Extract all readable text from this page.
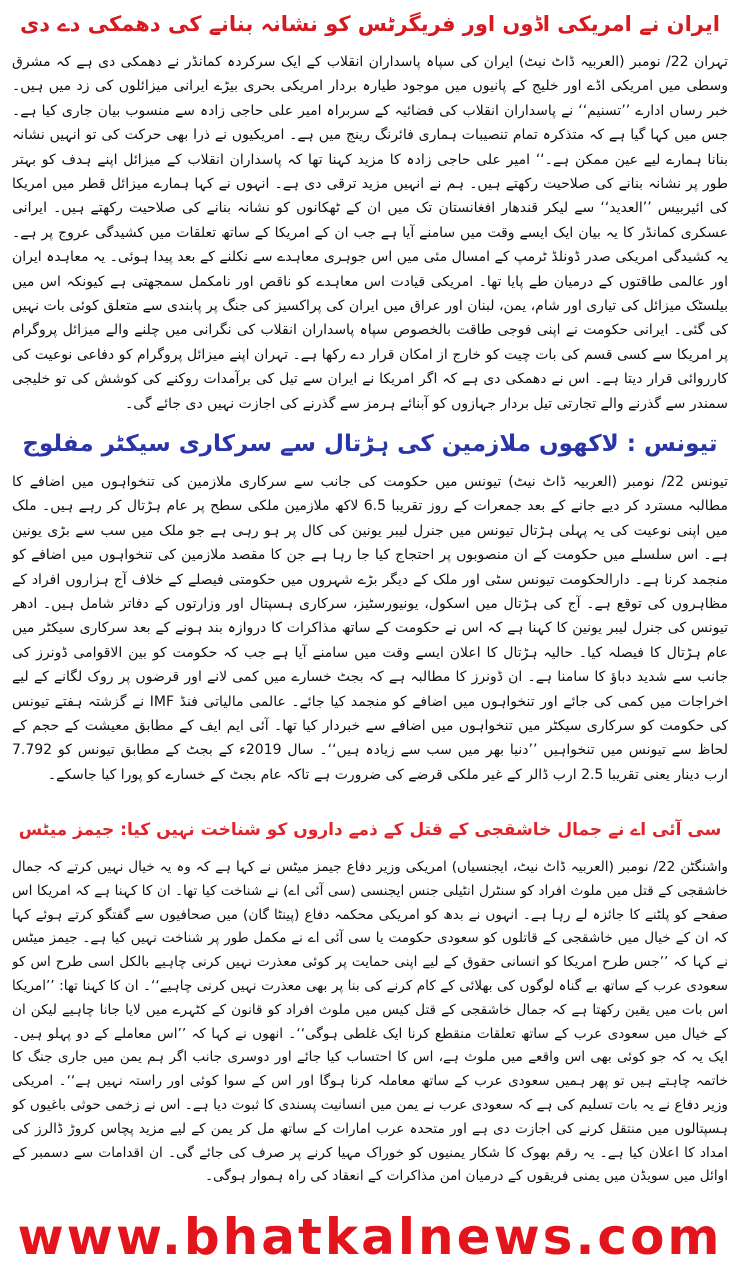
ایران نے امریکی اڈوں اور فریگرٹس کو نشانہ بنانے کی دھمکی دے دی

تہران 22/ نومبر (العربیہ ڈاٹ نیٹ) ایران کی سپاہ پاسداران انقلاب کے ایک سرکردہ کمانڈر نے دھمکی دی ہے کہ مشرق وسطی میں امریکی اڈے اور خلیج کے پانیوں میں موجود طیارہ بردار امریکی بحری بیڑے ایرانی میزائلوں کی زد میں ہیں۔ خبر رساں ادارے ’’تسنیم‘‘ نے پاسداران انقلاب کی فضائیہ کے سربراہ امیر علی حاجی زادہ سے منسوب بیان جاری کیا ہے۔ جس میں کہا گیا ہے کہ متذکرہ تمام تنصیبات ہماری فائرنگ رینج میں ہے۔ امریکیوں نے ذرا بھی حرکت کی تو انہیں نشانہ بنانا ہمارے لیے عین ممکن ہے۔‘‘ امیر علی حاجی زادہ کا مزید کہنا تھا کہ پاسداران انقلاب کے میزائل اپنے ہدف کو بہتر طور پر نشانہ بنانے کی صلاحیت رکھتے ہیں۔ ہم نے انہیں مزید ترقی دی ہے۔ انہوں نے کہا ہمارے میزائل قطر میں امریکا کی ائیربیس ’’العدید‘‘ سے لیکر قندھار افغانستان تک میں ان کے ٹھکانوں کو نشانہ بنانے کی صلاحیت رکھتے ہیں۔ ایرانی عسکری کمانڈر کا یہ بیان ایک ایسے وقت میں سامنے آیا ہے جب ان کے امریکا کے ساتھ تعلقات میں کشیدگی عروج پر ہے۔ یہ کشیدگی امریکی صدر ڈونلڈ ٹرمپ کے امسال مئی میں اس جوہری معاہدے سے نکلنے کے بعد پیدا ہوئی۔ یہ معاہدہ ایران اور عالمی طاقتوں کے درمیان طے پایا تھا۔ امریکی قیادت اس معاہدے کو ناقص اور نامکمل سمجھتی ہے کیونکہ اس میں بیلسٹک میزائل کی تیاری اور شام، یمن، لبنان اور عراق میں ایران کی پراکسیز کی جنگ پر پابندی سے متعلق کوئی بات نہیں کی گئی۔ ایرانی حکومت نے اپنی فوجی طاقت بالخصوص سپاہ پاسداران انقلاب کی نگرانی میں چلنے والے میزائل پروگرام پر امریکا سے کسی قسم کی بات چیت کو خارج از امکان قرار دے رکھا ہے۔ تہران اپنے میزائل پروگرام کو دفاعی نوعیت کی کارروائی قرار دیتا ہے۔ اس نے دھمکی دی ہے کہ اگر امریکا نے ایران سے تیل کی برآمدات روکنے کی کوشش کی تو خلیجی سمندر سے گذرنے والے تجارتی تیل بردار جہازوں کو آبنائے ہرمز سے گذرنے کی اجازت نہیں دی جائے گی۔

تیونس : لاکھوں ملازمین کی ہڑتال سے سرکاری سیکٹر مفلوج

تیونس 22/ نومبر (العربیہ ڈاٹ نیٹ) تیونس میں حکومت کی جانب سے سرکاری ملازمین کی تنخواہوں میں اضافے کا مطالبہ مسترد کر دیے جانے کے بعد جمعرات کے روز تقریبا 6.5 لاکھ ملازمین ملکی سطح پر عام ہڑتال کر رہے ہیں۔ ملک میں اپنی نوعیت کی یہ پہلی ہڑتال تیونس میں جنرل لیبر یونین کی کال پر ہو رہی ہے جو ملک میں سب سے بڑی یونین ہے۔ اس سلسلے میں حکومت کے ان منصوبوں پر احتجاج کیا جا رہا ہے جن کا مقصد ملازمین کی تنخواہوں میں اضافے کو منجمد کرنا ہے۔ دارالحکومت تیونس سٹی اور ملک کے دیگر بڑے شہروں میں حکومتی فیصلے کے خلاف آج ہزاروں افراد کے مظاہروں کی توقع ہے۔ آج کی ہڑتال میں اسکول، یونیورسٹیز، سرکاری ہسپتال اور وزارتوں کے دفاتر شامل ہیں۔ ادھر تیونس کی جنرل لیبر یونین کا کہنا ہے کہ اس نے حکومت کے ساتھ مذاکرات کا دروازہ بند ہونے کے بعد سرکاری سیکٹر میں عام ہڑتال کا فیصلہ کیا۔ حالیہ ہڑتال کا اعلان ایسے وقت میں سامنے آیا ہے جب کہ حکومت کو بین الاقوامی ڈونرز کی جانب سے شدید دباؤ کا سامنا ہے۔ ان ڈونرز کا مطالبہ ہے کہ بجٹ خسارے میں کمی لانے اور قرضوں پر روک لگانے کے لیے اخراجات میں کمی کی جائے اور تنخواہوں میں اضافے کو منجمد کیا جائے۔ عالمی مالیاتی فنڈ IMF نے گزشتہ ہفتے تیونس کی حکومت کو سرکاری سیکٹر میں تنخواہوں میں اضافے سے خبردار کیا تھا۔ آئی ایم ایف کے مطابق معیشت کے حجم کے لحاظ سے تیونس میں تنخواہیں ’’دنیا بھر میں سب سے زیادہ ہیں‘‘۔ سال 2019ء کے بجٹ کے مطابق تیونس کو 7.792 ارب دینار یعنی تقریبا 2.5 ارب ڈالر کے غیر ملکی قرضے کی ضرورت ہے تاکہ عام بجٹ کے خسارے کو پورا کیا جاسکے۔

سی آئی اے نے جمال خاشقجی کے قتل کے ذمے داروں کو شناخت نہیں کیا: جیمز میٹس

واشنگٹن 22/ نومبر (العربیہ ڈاٹ نیٹ، ایجنسیاں) امریکی وزیر دفاع جیمز میٹس نے کہا ہے کہ وہ یہ خیال نہیں کرتے کہ جمال خاشقجی کے قتل میں ملوث افراد کو سنٹرل انٹیلی جنس ایجنسی (سی آئی اے) نے شناخت کیا تھا۔ ان کا کہنا ہے کہ امریکا اس صفحے کو پلٹنے کا جائزہ لے رہا ہے۔ انہوں نے بدھ کو امریکی محکمہ دفاع (پینٹا گان) میں صحافیوں سے گفتگو کرتے ہوئے کہا کہ ان کے خیال میں خاشقجی کے قاتلوں کو سعودی حکومت یا سی آئی اے نے مکمل طور پر شناخت نہیں کیا ہے۔ جیمز میٹس نے کہا کہ ’’جس طرح امریکا کو انسانی حقوق کے لیے اپنی حمایت پر کوئی معذرت نہیں کرنی چاہیے بالکل اسی طرح اس کو سعودی عرب کے ساتھ بے گناہ لوگوں کی بھلائی کے کام کرنے کی بنا پر بھی معذرت نہیں کرنی چاہیے‘‘۔ ان کا کہنا تھا: ’’امریکا اس بات میں یقین رکھتا ہے کہ جمال خاشقجی کے قتل کیس میں ملوث افراد کو قانون کے کٹہرے میں لایا جانا چاہیے لیکن ان کے خیال میں سعودی عرب کے ساتھ تعلقات منقطع کرنا ایک غلطی ہوگی‘‘۔ انھوں نے کہا کہ ’’اس معاملے کے دو پہلو ہیں۔ ایک یہ کہ جو کوئی بھی اس واقعے میں ملوث ہے، اس کا احتساب کیا جائے اور دوسری جانب اگر ہم یمن میں جاری جنگ کا خاتمہ چاہتے ہیں تو پھر ہمیں سعودی عرب کے ساتھ معاملہ کرنا ہوگا اور اس کے سوا کوئی اور راستہ نہیں ہے‘‘۔ امریکی وزیر دفاع نے یہ بات تسلیم کی ہے کہ سعودی عرب نے یمن میں انسانیت پسندی کا ثبوت دیا ہے۔ اس نے زخمی حوثی باغیوں کو ہسپتالوں میں منتقل کرنے کی اجازت دی ہے اور متحدہ عرب امارات کے ساتھ مل کر یمن کے لیے مزید پچاس کروڑ ڈالرز کی امداد کا اعلان کیا ہے۔ یہ رقم بھوک کا شکار یمنیوں کو خوراک مہیا کرنے پر صرف کی جائے گی۔ ان اقدامات سے دسمبر کے اوائل میں سویڈن میں یمنی فریقوں کے درمیان امن مذاکرات کے انعقاد کی راہ ہموار ہوگی۔

www.bhatkalnews.com
